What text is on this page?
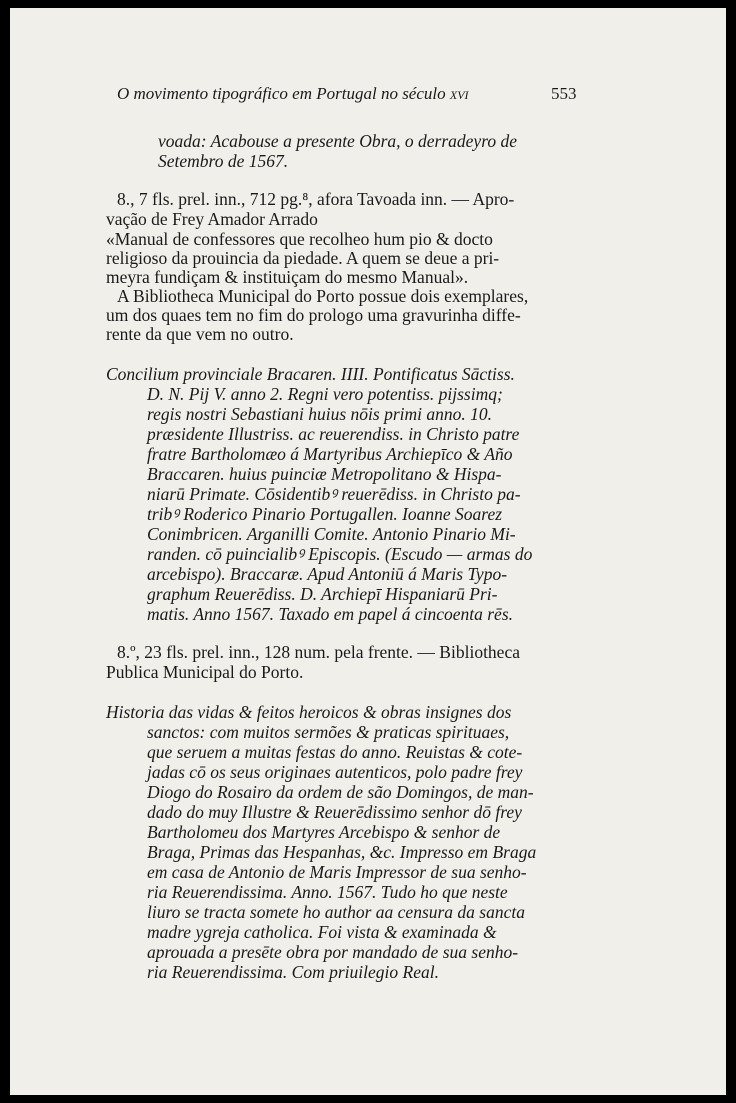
O movimento tipográfico em Portugal no século xvi	553
voada: Acabouse a presente Obra, o derradeyro de
Setembro de 1567.
8., 7 fls. prel. inn., 712 pg.⁸, afora Tavoada inn. — Apro-
vação de Frey Amador Arrado
«Manual de confessores que recolheo hum pio & docto
religioso da prouincia da piedade. A quem se deue a pri-
meyra fundiçam & instituiçam do mesmo Manual».
A Bibliotheca Municipal do Porto possue dois exemplares,
um dos quaes tem no fim do prologo uma gravurinha diffe-
rente da que vem no outro.
Concilium provinciale Bracaren. IIII. Pontificatus Sāctiss.
D. N. Pij V. anno 2. Regni vero potentiss. pijssimq;
regis nostri Sebastiani huius nōis primi anno. 10.
præsidente Illustriss. ac reuerendiss. in Christo patre
fratre Bartholomæo á Martyribus Archiepīco & Año
Braccaren. huius puinciæ Metropolitano & Hispa-
niarū Primate. Cōsidentibꝰ reuerēdiss. in Christo pa-
tribꝰ Roderico Pinario Portugallen. Ioanne Soarez
Conimbricen. Arganilli Comite. Antonio Pinario Mi-
randen. cō puincialibꝰ Episcopis. (Escudo — armas do
arcebispo). Braccaræ. Apud Antoniū á Maris Typo-
graphum Reuerēdiss. D. Archiepī Hispaniarū Pri-
matis. Anno 1567. Taxado em papel á cincoenta rēs.
8.º, 23 fls. prel. inn., 128 num. pela frente. — Bibliotheca
Publica Municipal do Porto.
Historia das vidas & feitos heroicos & obras insignes dos
sanctos: com muitos sermões & praticas spirituaes,
que seruem a muitas festas do anno. Reuistas & cote-
jadas cō os seus originaes autenticos, polo padre frey
Diogo do Rosairo da ordem de são Domingos, de man-
dado do muy Illustre & Reuerēdissimo senhor dō frey
Bartholomeu dos Martyres Arcebispo & senhor de
Braga, Primas das Hespanhas, &c. Impresso em Braga
em casa de Antonio de Maris Impressor de sua senho-
ria Reuerendissima. Anno. 1567. Tudo ho que neste
liuro se tracta somete ho author aa censura da sancta
madre ygreja catholica. Foi vista & examinada &
aprouada a presēte obra por mandado de sua senho-
ria Reuerendissima. Com priuilegio Real.
